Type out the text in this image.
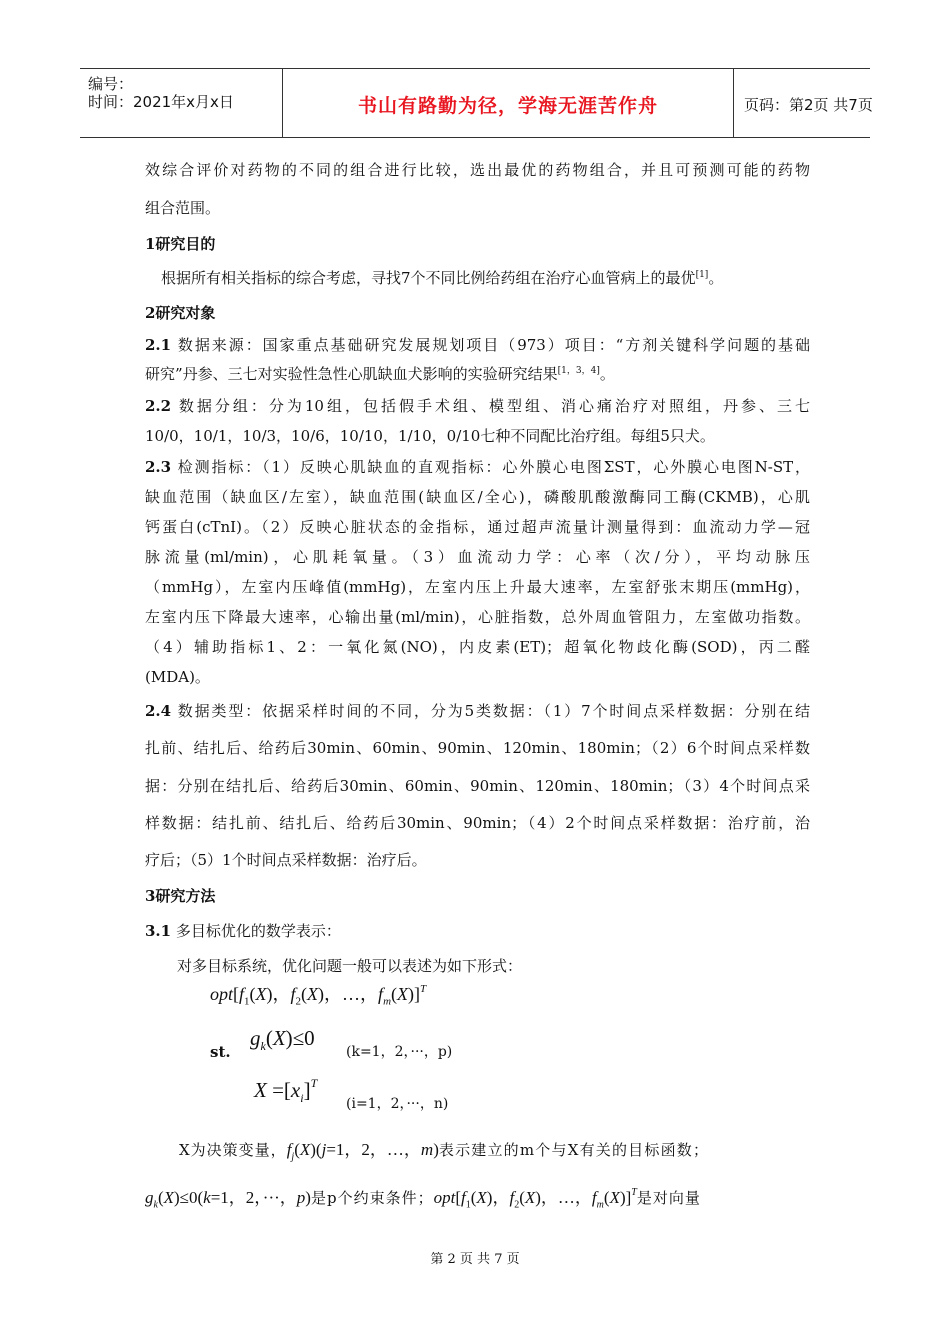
编号：
时间：2021年x月x日	书山有路勤为径，学海无涯苦作舟	页码：第2页 共7页
效综合评价对药物的不同的组合进行比较，选出最优的药物组合，并且可预测可能的药物
组合范围。
1研究目的
根据所有相关指标的综合考虑，寻找7个不同比例给药组在治疗心血管病上的最优[1]。
2研究对象
2.1 数据来源：国家重点基础研究发展规划项目（973）项目：“方剂关键科学问题的基础
研究”丹参、三七对实验性急性心肌缺血犬影响的实验研究结果[1，3，4]。
2.2 数据分组：分为10组，包括假手术组、模型组、消心痛治疗对照组，丹参、三七
10/0，10/1，10/3，10/6，10/10，1/10，0/10七种不同配比治疗组。每组5只犬。
2.3 检测指标：（1）反映心肌缺血的直观指标：心外膜心电图ΣST，心外膜心电图N-ST，
缺血范围（缺血区/左室），缺血范围(缺血区/全心)，磷酸肌酸激酶同工酶(CKMB)，心肌
钙蛋白(cTnI)。（2）反映心脏状态的金指标，通过超声流量计测量得到：血流动力学—冠
脉流量(ml/min)，心肌耗氧量。（3）血流动力学：心率（次/分），平均动脉压
（mmHg），左室内压峰值(mmHg)，左室内压上升最大速率，左室舒张末期压(mmHg)，
左室内压下降最大速率，心输出量(ml/min)，心脏指数，总外周血管阻力，左室做功指数。
（4）辅助指标1、2：一氧化氮(NO)，内皮素(ET)；超氧化物歧化酶(SOD)，丙二醛
(MDA)。
2.4 数据类型：依据采样时间的不同，分为5类数据：（1）7个时间点采样数据：分别在结
扎前、结扎后、给药后30min、60min、90min、120min、180min；（2）6个时间点采样数
据：分别在结扎后、给药后30min、60min、90min、120min、180min；（3）4个时间点采
样数据：结扎前、结扎后、给药后30min、90min；（4）2个时间点采样数据：治疗前，治
疗后；（5）1个时间点采样数据：治疗后。
3研究方法
3.1 多目标优化的数学表示：
对多目标系统，优化问题一般可以表述为如下形式：
$opt[f_1(X)$，$f_2(X)$，…，$f_m(X)]^T$
st.
$g_k(X)\le 0$
(k=1，2，···，p)
$X =[x_i]^T$
(i=1，2，···，n)
X为决策变量，$f_j(X)(j=1$，2，…，m)表示建立的m个与X有关的目标函数；
$g_k(X)\le 0(k=1$，2，···，p)是p个约束条件；$opt[f_1(X)$，$f_2(X)$，…，$f_m(X)]^T$是对向量
第 2 页 共 7 页
